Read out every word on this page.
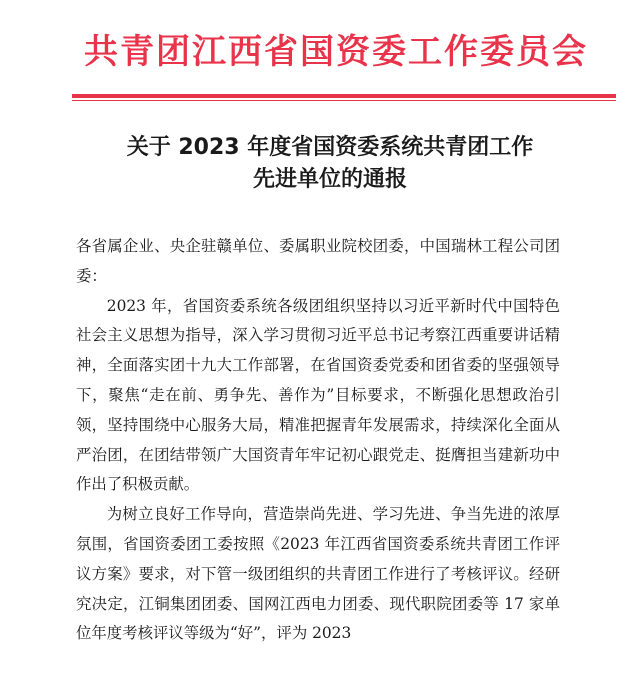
共青团江西省国资委工作委员会
关于 2023 年度省国资委系统共青团工作
先进单位的通报

各省属企业、央企驻赣单位、委属职业院校团委，中国瑞林工程公司团委：

2023 年，省国资委系统各级团组织坚持以习近平新时代中国特色社会主义思想为指导，深入学习贯彻习近平总书记考察江西重要讲话精神，全面落实团十九大工作部署，在省国资委党委和团省委的坚强领导下，聚焦“走在前、勇争先、善作为”目标要求，不断强化思想政治引领，坚持围绕中心服务大局，精准把握青年发展需求，持续深化全面从严治团，在团结带领广大国资青年牢记初心跟党走、挺膺担当建新功中作出了积极贡献。

为树立良好工作导向，营造崇尚先进、学习先进、争当先进的浓厚氛围，省国资委团工委按照《2023 年江西省国资委系统共青团工作评议方案》要求，对下管一级团组织的共青团工作进行了考核评议。经研究决定，江铜集团团委、国网江西电力团委、现代职院团委等 17 家单位年度考核评议等级为“好”，评为 2023
